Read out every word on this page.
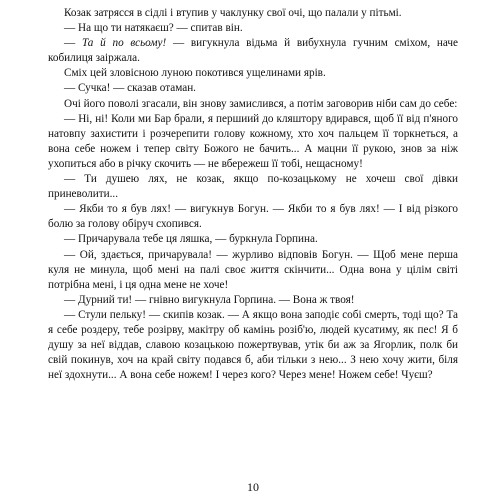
Козак затрясся в сідлі і втупив у чаклунку свої очі, що палали у пітьмі.

— На що ти натякаєш? — спитав він.

— Та й по всьому! — вигукнула відьма й вибухнула гучним сміхом, наче кобилиця заіржала.

Сміх цей зловісною луною покотився ущелинами ярів.

— Сучка! — сказав отаман.

Очі його поволі згасали, він знову замислився, а потім заговорив ніби сам до себе:

— Ні, ні! Коли ми Бар брали, я першиий до кляштору вдирався, щоб її від п'яного натовпу захистити і розчерепити голову кожному, хто хоч пальцем її торкнеться, а вона себе ножем і тепер світу Божого не бачить... А мацни її рукою, знов за ніж ухопиться або в річку скочить — не вбережеш її тобі, нещасному!

— Ти душею лях, не козак, якщо по-козацькому не хочеш свої дівки приневолити...

— Якби то я був лях! — вигукнув Богун. — Якби то я був лях! — І від різкого болю за голову обіруч схопився.

— Причарувала тебе ця ляшка, — буркнула Горпина.

— Ой, здається, причарувала! — журливо відповів Богун. — Щоб мене перша куля не минула, щоб мені на палі своє життя скінчити... Одна вона у цілім світі потрібна мені, і ця одна мене не хоче!

— Дурний ти! — гнівно вигукнула Горпина. — Вона ж твоя!

— Стули пельку! — скипів козак. — А якщо вона заподіє собі смерть, тоді що? Та я себе роздеру, тебе розірву, макітру об камінь розіб'ю, людей кусатиму, як пес! Я б душу за неї віддав, славою козацькою пожертвував, утік би аж за Ягорлик, полк би свій покинув, хоч на край світу подався б, аби тільки з нею... З нею хочу жити, біля неї здохнути... А вона себе ножем! І через кого? Через мене! Ножем себе! Чуєш?

10
